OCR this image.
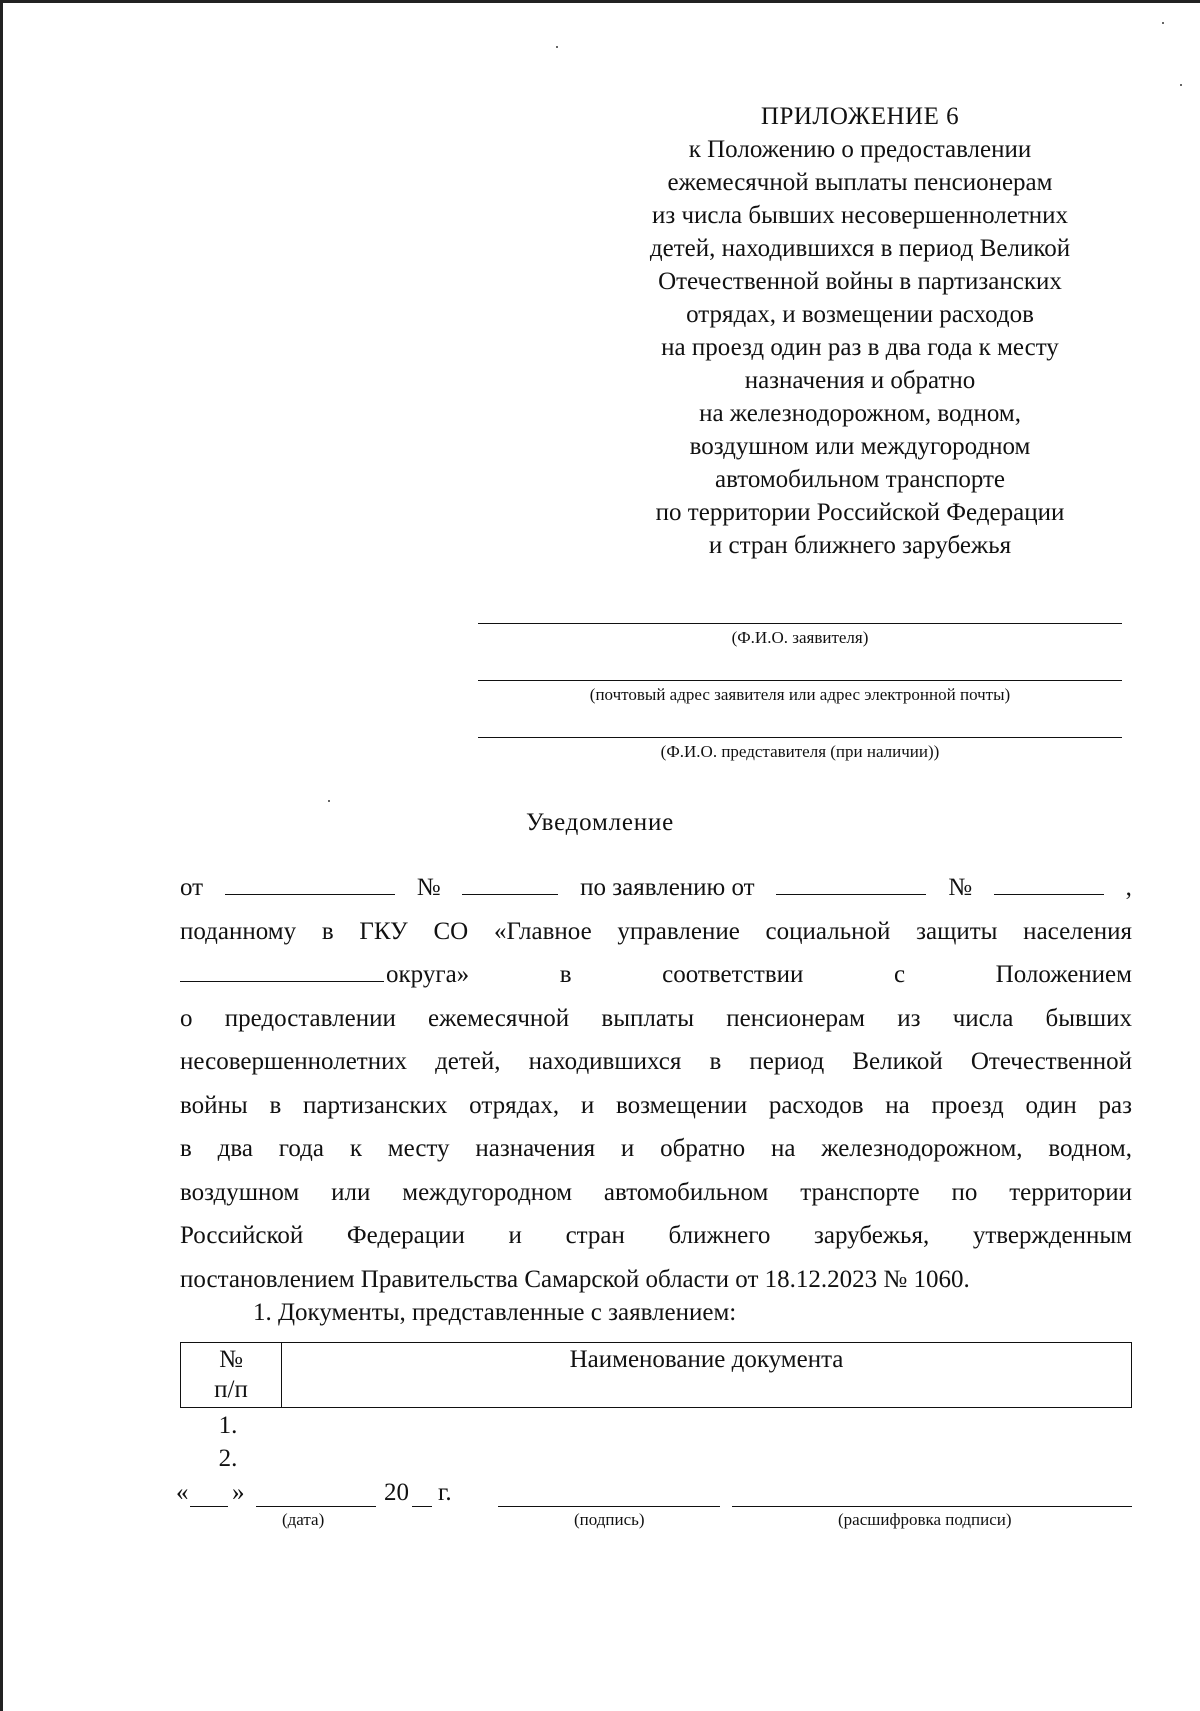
ПРИЛОЖЕНИЕ 6
к Положению о предоставлении
ежемесячной выплаты пенсионерам
из числа бывших несовершеннолетних
детей, находившихся в период Великой
Отечественной войны в партизанских
отрядах, и возмещении расходов
на проезд один раз в два года к месту
назначения и обратно
на железнодорожном, водном,
воздушном или междугородном
автомобильном транспорте
по территории Российской Федерации
и стран ближнего зарубежья
(Ф.И.О. заявителя)
(почтовый адрес заявителя или адрес электронной почты)
(Ф.И.О. представителя (при наличии))
Уведомление
от	№	по заявлению от	№	,
поданному в ГКУ СО «Главное управление социальной защиты населения
округа»	в	соответствии	с	Положением
о предоставлении ежемесячной выплаты пенсионерам из числа бывших
несовершеннолетних детей, находившихся в период Великой Отечественной
войны в партизанских отрядах, и возмещении расходов на проезд один раз
в два года к месту назначения и обратно на железнодорожном, водном,
воздушном или междугородном автомобильном транспорте по территории
Российской Федерации и стран ближнего зарубежья, утвержденным
постановлением Правительства Самарской области от 18.12.2023 № 1060.
1. Документы, представленные с заявлением:
№
п/п
	Наименование документа
1.
2.
« »	20 г.
(дата)	(подпись)	(расшифровка подписи)
